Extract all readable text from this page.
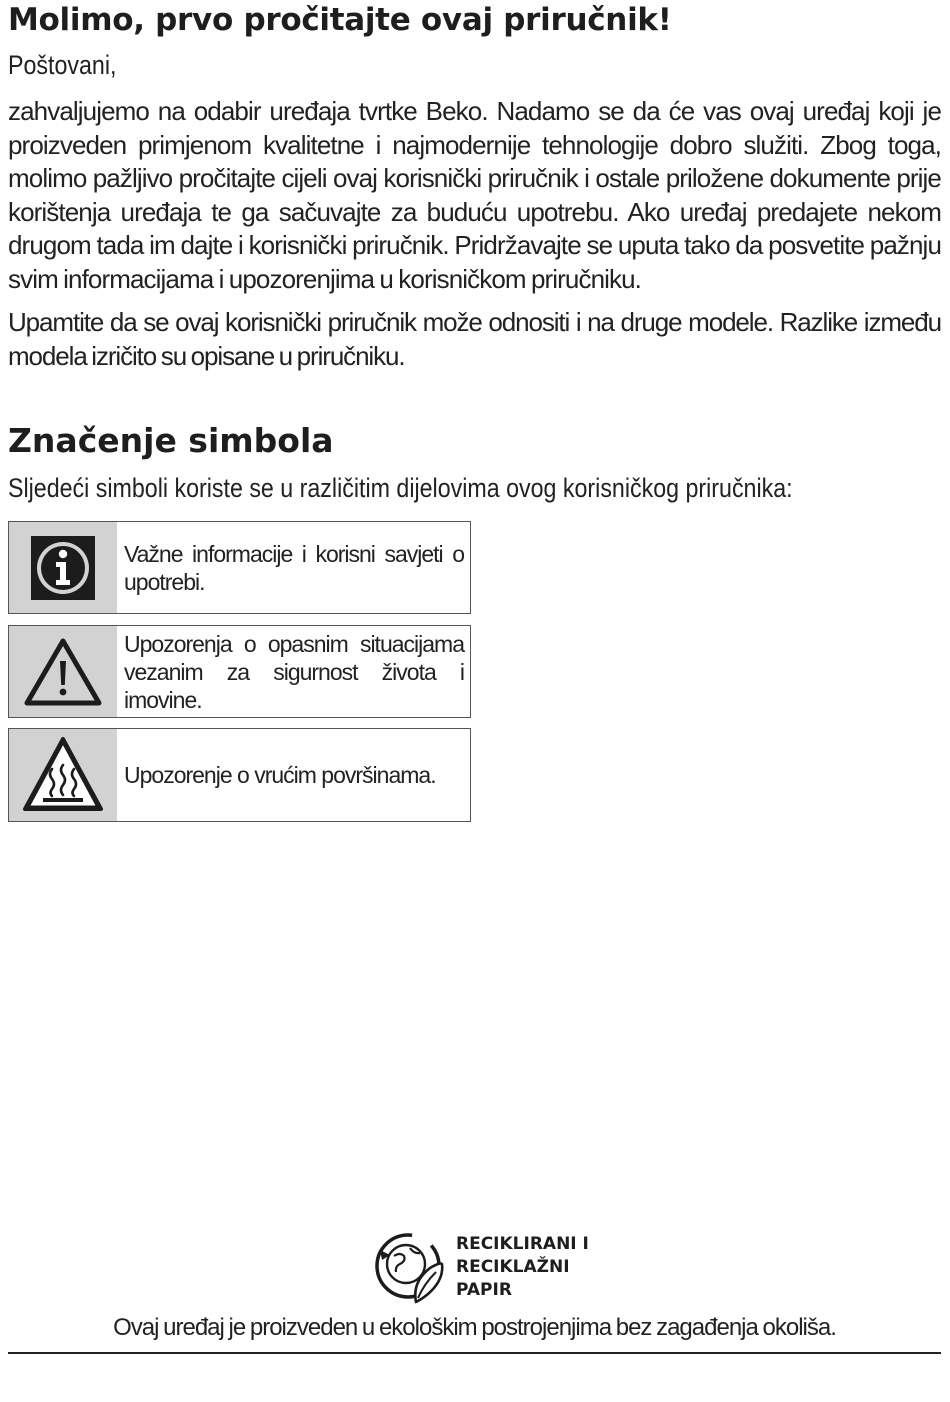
Molimo, prvo pročitajte ovaj priručnik!
Poštovani,

zahvaljujemo na odabir uređaja tvrtke Beko. Nadamo se da će vas ovaj uređaj koji je proizveden primjenom kvalitetne i najmodernije tehnologije dobro služiti. Zbog toga, molimo pažljivo pročitajte cijeli ovaj korisnički priručnik i ostale priložene dokumente prije korištenja uređaja te ga sačuvajte za buduću upotrebu. Ako uređaj predajete nekom drugom tada im dajte i korisnički priručnik. Pridržavajte se uputa tako da posvetite pažnju svim informacijama i upozorenjima u korisničkom priručniku.

Upamtite da se ovaj korisnički priručnik može odnositi i na druge modele. Razlike između modela izričito su opisane u priručniku.

Značenje simbola
Sljedeći simboli koriste se u različitim dijelovima ovog korisničkog priručnika:
Važne informacije i korisni savjeti o upotrebi.
Upozorenja o opasnim situacijama vezanim za sigurnost života i imovine.
Upozorenje o vrućim površinama.
RECIKLIRANI I
RECIKLAŽNI
PAPIR
Ovaj uređaj je proizveden u ekološkim postrojenjima bez zagađenja okoliša.
